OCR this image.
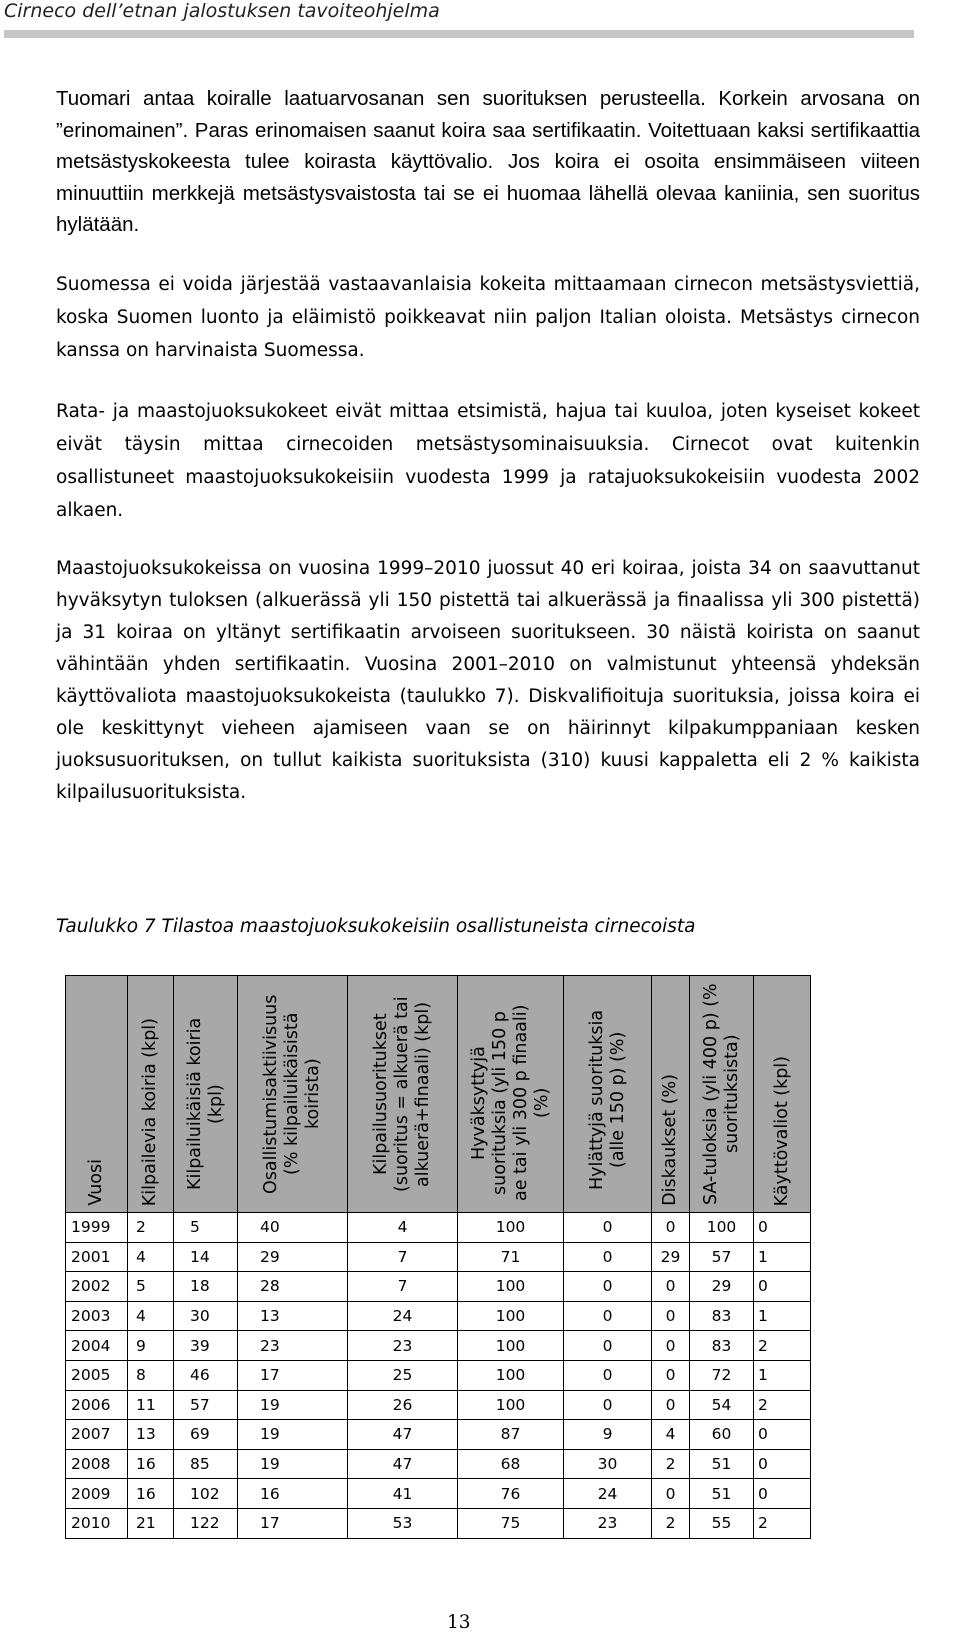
Cirneco dell’etnan jalostuksen tavoiteohjelma

Tuomari antaa koiralle laatuarvosanan sen suorituksen perusteella. Korkein arvosana on ”erinomainen”. Paras erinomaisen saanut koira saa sertifikaatin. Voitettuaan kaksi sertifikaattia metsästyskokeesta tulee koirasta käyttövalio. Jos koira ei osoita ensimmäiseen viiteen minuuttiin merkkejä metsästysvaistosta tai se ei huomaa lähellä olevaa kaniinia, sen suoritus hylätään.

Suomessa ei voida järjestää vastaavanlaisia kokeita mittaamaan cirnecon metsästysviettiä, koska Suomen luonto ja eläimistö poikkeavat niin paljon Italian oloista. Metsästys cirnecon kanssa on harvinaista Suomessa.

Rata- ja maastojuoksukokeet eivät mittaa etsimistä, hajua tai kuuloa, joten kyseiset kokeet eivät täysin mittaa cirnecoiden metsästysominaisuuksia. Cirnecot ovat kuitenkin osallistuneet maastojuoksukokeisiin vuodesta 1999 ja ratajuoksukokeisiin vuodesta 2002 alkaen.

Maastojuoksukokeissa on vuosina 1999–2010 juossut 40 eri koiraa, joista 34 on saavuttanut hyväksytyn tuloksen (alkuerässä yli 150 pistettä tai alkuerässä ja finaalissa yli 300 pistettä) ja 31 koiraa on yltänyt sertifikaatin arvoiseen suoritukseen. 30 näistä koirista on saanut vähintään yhden sertifikaatin. Vuosina 2001–2010 on valmistunut yhteensä yhdeksän käyttövaliota maastojuoksukokeista (taulukko 7). Diskvalifioituja suorituksia, joissa koira ei ole keskittynyt vieheen ajamiseen vaan se on häirinnyt kilpakumppaniaan kesken juoksusuorituksen, on tullut kaikista suorituksista (310) kuusi kappaletta eli 2 % kaikista kilpailusuorituksista.

Taulukko 7 Tilastoa maastojuoksukokeisiin osallistuneista cirnecoista
Vuosi	Kilpailevia koiria (kpl)	Kilpailuikäisiä koiria (kpl)	Osallistumisaktiivisuus (% kilpailuikäisistä koirista)	Kilpailusuoritukset (suoritus = alkuerä tai alkuerä+finaali) (kpl)	Hyväksyttyjä suorituksia (yli 150 p ae tai yli 300 p finaali)(%)	Hylättyjä suorituksia (alle 150 p) (%)	Diskaukset (%)	SA-tuloksia (yli 400 p) (% suorituksista)	Käyttövaliot (kpl)

1999	2	5	40	4	100	0	0	100	0
2001	4	14	29	7	71	0	29	57	1
2002	5	18	28	7	100	0	0	29	0
2003	4	30	13	24	100	0	0	83	1
2004	9	39	23	23	100	0	0	83	2
2005	8	46	17	25	100	0	0	72	1
2006	11	57	19	26	100	0	0	54	2
2007	13	69	19	47	87	9	4	60	0
2008	16	85	19	47	68	30	2	51	0
2009	16	102	16	41	76	24	0	51	0
2010	21	122	17	53	75	23	2	55	2
13
